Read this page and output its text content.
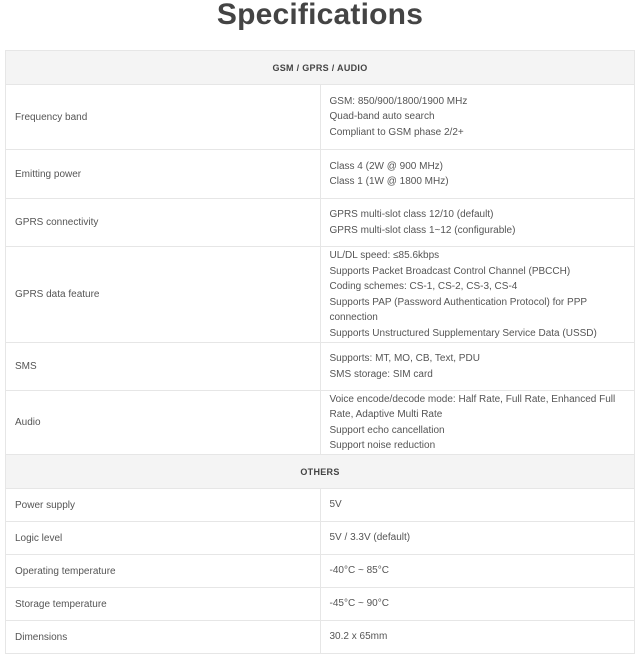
Specifications
GSM / GPRS / AUDIO	
Frequency band	GSM: 850/900/1800/1900 MHz
Quad-band auto search
Compliant to GSM phase 2/2+

Emitting power	Class 4 (2W @ 900 MHz)
Class 1 (1W @ 1800 MHz)

GPRS connectivity	GPRS multi-slot class 12/10 (default)
GPRS multi-slot class 1~12 (configurable)

GPRS data feature	UL/DL speed: ≤85.6kbps
Supports Packet Broadcast Control Channel (PBCCH)
Coding schemes: CS-1, CS-2, CS-3, CS-4
Supports PAP (Password Authentication Protocol) for PPP connection
Supports Unstructured Supplementary Service Data (USSD)

SMS	Supports: MT, MO, CB, Text, PDU
SMS storage: SIM card

Audio	Voice encode/decode mode: Half Rate, Full Rate, Enhanced Full Rate, Adaptive Multi Rate
Support echo cancellation
Support noise reduction

OTHERS	
Power supply	5V

Logic level	5V / 3.3V (default)

Operating temperature	-40°C ~ 85°C

Storage temperature	-45°C ~ 90°C

Dimensions	30.2 x 65mm
